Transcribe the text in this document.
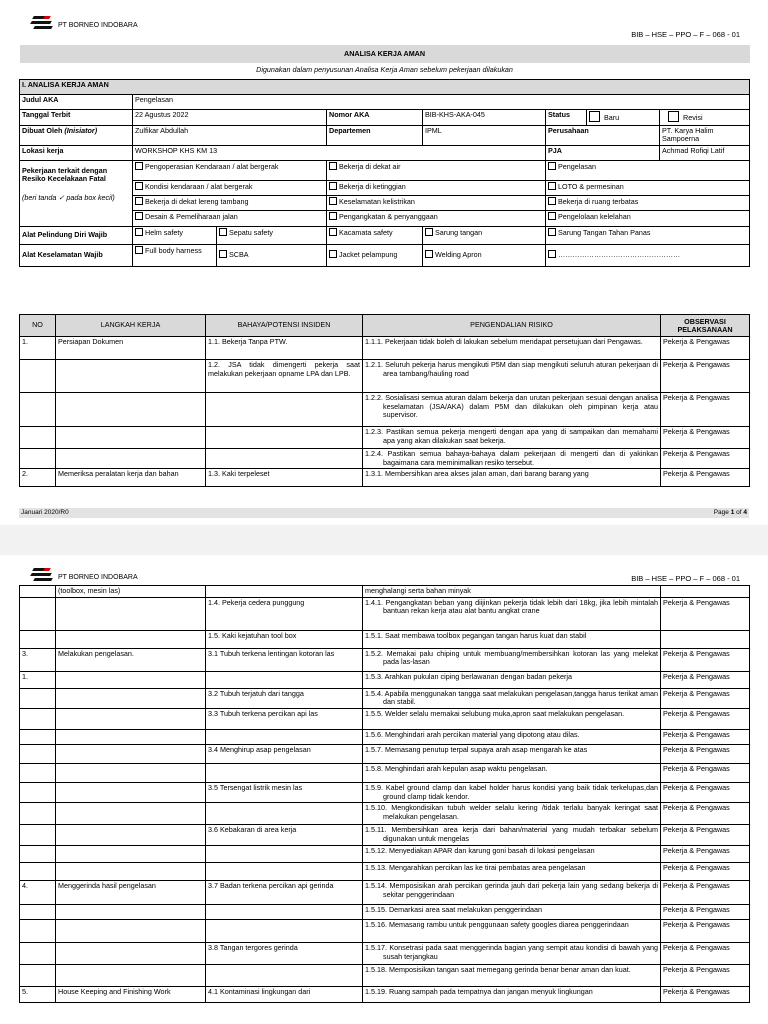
PT BORNEO INDOBARA
BIB – HSE – PPO – F – 068 - 01
ANALISA KERJA AMAN							
Digunakan dalam penyusunan Analisa Kerja Aman sebelum pekerjaan dilakukan							
I. ANALISA KERJA AMAN							
Judul AKA	Pengelasan						
Tanggal Terbit	22 Agustus 2022		Nomor AKA	BIB-KHS-AKA-045	Status	Baru	Revisi
Dibuat Oleh (Inisiator)	Zulfikar Abdullah		Departemen	IPML	Perusahaan		PT. Karya Halim Sampoerna
Lokasi kerja	WORKSHOP KHS KM 13				PJA		Achmad Rofiqi Latif

Pekerjaan terkait dengan Resiko Kecelakaan Fatal
(beri tanda ✓ pada box kecil)	Pengoperasian Kendaraan / alat bergerak		Bekerja di dekat air		Pengelasan		
	Kondisi kendaraan / alat bergerak		Bekerja di ketinggian		LOTO & permesinan		
	Bekerja di dekat lereng tambang		Keselamatan kelistrikan		Bekerja di ruang terbatas		
	Desain & Pemeliharaan jalan		Pengangkatan & penyanggaan		Pengelolaan kelelahan		
Alat Pelindung Diri Wajib	Helm safety	Sepatu safety	Kacamata safety	Sarung tangan	Sarung Tangan Tahan Panas		
Alat Keselamatan Wajib	Full body harness	SCBA	Jacket pelampung	Welding Apron	……………………………………………		
NO	LANGKAH KERJA	BAHAYA/POTENSI INSIDEN	PENGENDALIAN RISIKO	OBSERVASI PELAKSANAAN
1.	Persiapan Dokumen	1.1. Bekerja Tanpa PTW.	1.1.1. Pekerjaan tidak boleh di lakukan sebelum mendapat persetujuan dari Pengawas.	Pekerja & Pengawas
		1.2. JSA tidak dimengerti pekerja saat melakukan pekerjaan opname LPA dan LPB.	1.2.1. Seluruh pekerja harus mengikuti P5M dan siap mengikuti seluruh aturan pekerjaan di area tambang/hauling road	Pekerja & Pengawas
			1.2.2. Sosialisasi semua aturan dalam bekerja dan urutan pekerjaan sesuai dengan analisa keselamatan (JSA/AKA) dalam P5M dan dilakukan oleh pimpinan kerja atau supervisor.	Pekerja & Pengawas
			1.2.3. Pastikan semua pekerja mengerti dengan apa yang di sampaikan dan memahami apa yang akan dilakukan saat bekerja.	Pekerja & Pengawas
			1.2.4. Pastikan semua bahaya-bahaya dalam pekerjaan di mengerti dan di yakinkan bagaimana cara meminimalkan resiko tersebut.	Pekerja & Pengawas
2.	Memeriksa peralatan kerja dan bahan	1.3. Kaki terpeleset	1.3.1. Membersihkan area akses jalan aman, dari barang barang yang	Pekerja & Pengawas
Januari 2020/R0	Page 1 of 4
PT BORNEO INDOBARA	BIB – HSE – PPO – F – 068 - 01
	(toolbox, mesin las)		menghalangi serta bahan minyak	
		1.4. Pekerja cedera punggung	1.4.1. Pengangkatan beban yang diijinkan pekerja tidak lebih dari 18kg, jika lebih mintalah bantuan rekan kerja atau alat bantu angkat crane	Pekerja & Pengawas
		1.5. Kaki kejatuhan tool box	1.5.1. Saat membawa toolbox pegangan tangan harus kuat dan stabil	
3.	Melakukan pengelasan.	3.1 Tubuh terkena lentingan kotoran las	1.5.2. Memakai palu chiping untuk membuang/membersihkan kotoran las yang melekat pada las-lasan	Pekerja & Pengawas
1.			1.5.3. Arahkan pukulan ciping berlawanan dengan badan pekerja	Pekerja & Pengawas
		3.2 Tubuh terjatuh dari tangga	1.5.4. Apabila menggunakan tangga saat melakukan pengelasan,tangga harus terikat aman dan stabil.	Pekerja & Pengawas
		3.3 Tubuh terkena percikan api las	1.5.5. Welder selalu memakai selubung muka,apron saat melakukan pengelasan.	Pekerja & Pengawas
			1.5.6. Menghindari arah percikan material yang dipotong atau dilas.	Pekerja & Pengawas
		3.4 Menghirup asap pengelasan	1.5.7. Memasang penutup terpal supaya arah asap mengarah ke atas	Pekerja & Pengawas
			1.5.8. Menghindari arah kepulan asap waktu pengelasan.	Pekerja & Pengawas
		3.5 Tersengat listrik mesin las	1.5.9. Kabel ground clamp dan kabel holder harus kondisi yang baik tidak terkelupas,dan ground clamp tidak kendor.	Pekerja & Pengawas
			1.5.10. Mengkondisikan tubuh welder selalu kering /tidak terlalu banyak keringat saat melakukan pengelasan.	Pekerja & Pengawas
		3.6 Kebakaran di area kerja	1.5.11. Membersihkan area kerja dari bahan/material yang mudah terbakar sebelum digunakan untuk mengelas	Pekerja & Pengawas
			1.5.12. Menyediakan APAR dan karung goni basah di lokasi pengelasan	Pekerja & Pengawas
			1.5.13. Mengarahkan percikan las ke tirai pembatas area pengelasan	Pekerja & Pengawas
4.	Menggerinda hasil pengelasan	3.7 Badan terkena percikan api gerinda	1.5.14. Memposisikan arah percikan gerinda jauh dari pekerja lain yang sedang bekerja di sekitar penggerindaan	Pekerja & Pengawas
			1.5.15. Demarkasi area saat melakukan penggerindaan	Pekerja & Pengawas
			1.5.16. Memasang rambu untuk penggunaan safety googles diarea penggerindaan	Pekerja & Pengawas
		3.8 Tangan tergores gerinda	1.5.17. Konsetrasi pada saat menggerinda bagian yang sempit atau kondisi di bawah yang susah terjangkau	Pekerja & Pengawas
			1.5.18. Memposisikan tangan saat memegang gerinda benar benar aman dan kuat.	Pekerja & Pengawas
5.	House Keeping and Finishing Work	4.1 Kontaminasi lingkungan dari	1.5.19. Ruang sampah pada tempatnya dan jangan menyuk lingkungan	Pekerja & Pengawas
